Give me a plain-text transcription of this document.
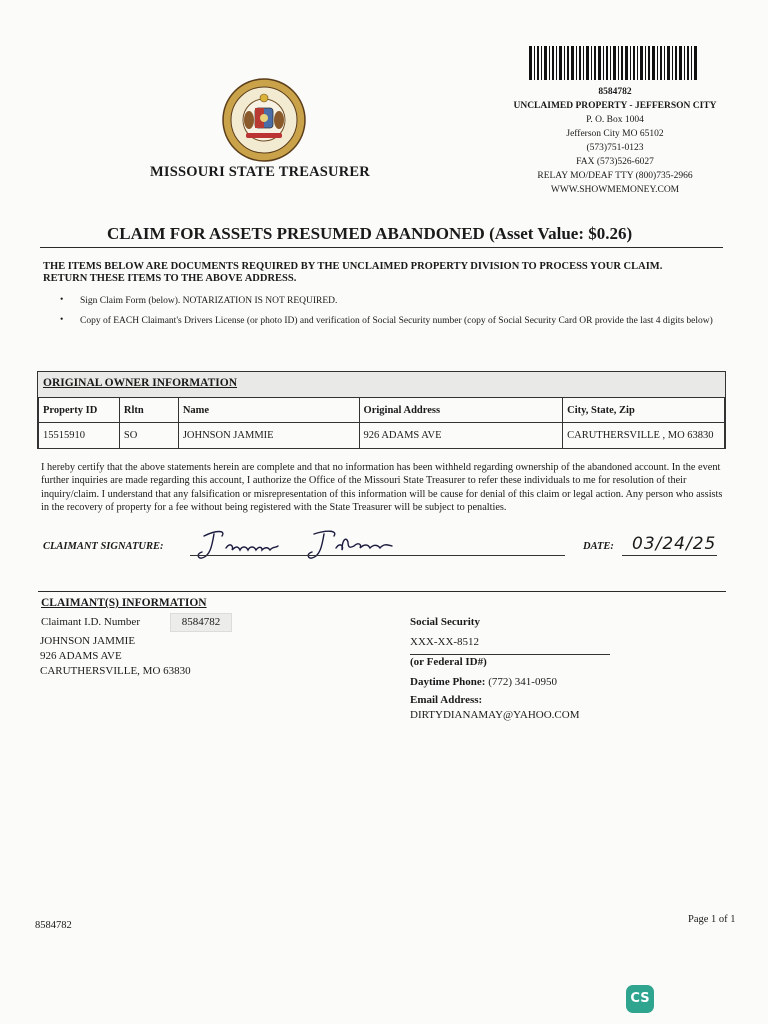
8584782
UNCLAIMED PROPERTY - JEFFERSON CITY
P. O. Box 1004
Jefferson City MO 65102
(573)751-0123
FAX (573)526-6027
RELAY MO/DEAF TTY (800)735-2966
WWW.SHOWMEMONEY.COM
MISSOURI STATE TREASURER
CLAIM FOR ASSETS PRESUMED ABANDONED (Asset Value: $0.26)
THE ITEMS BELOW ARE DOCUMENTS REQUIRED BY THE UNCLAIMED PROPERTY DIVISION TO PROCESS YOUR CLAIM. RETURN THESE ITEMS TO THE ABOVE ADDRESS.
• Sign Claim Form (below). NOTARIZATION IS NOT REQUIRED.
• Copy of EACH Claimant's Drivers License (or photo ID) and verification of Social Security number (copy of Social Security Card OR provide the last 4 digits below)
ORIGINAL OWNER INFORMATION
Property ID	Rltn	Name	Original Address	City, State, Zip
15515910	SO	JOHNSON JAMMIE	926 ADAMS AVE	CARUTHERSVILLE , MO 63830
I hereby certify that the above statements herein are complete and that no information has been withheld regarding ownership of the abandoned account. In the event further inquiries are made regarding this account, I authorize the Office of the Missouri State Treasurer to refer these individuals to me for resolution of their inquiry/claim. I understand that any falsification or misrepresentation of this information will be cause for denial of this claim or legal action. Any person who assists in the recovery of property for a fee without being registered with the State Treasurer will be subject to penalties.
CLAIMANT SIGNATURE:	DATE: 03/24/25
CLAIMANT(S) INFORMATION
Claimant I.D. Number	8584782
JOHNSON JAMMIE
926 ADAMS AVE
CARUTHERSVILLE, MO 63830
Social Security
XXX-XX-8512
(or Federal ID#)
Daytime Phone: (772) 341-0950
Email Address:
DIRTYDIANAMAY@YAHOO.COM
8584782
Page 1 of 1
CS
